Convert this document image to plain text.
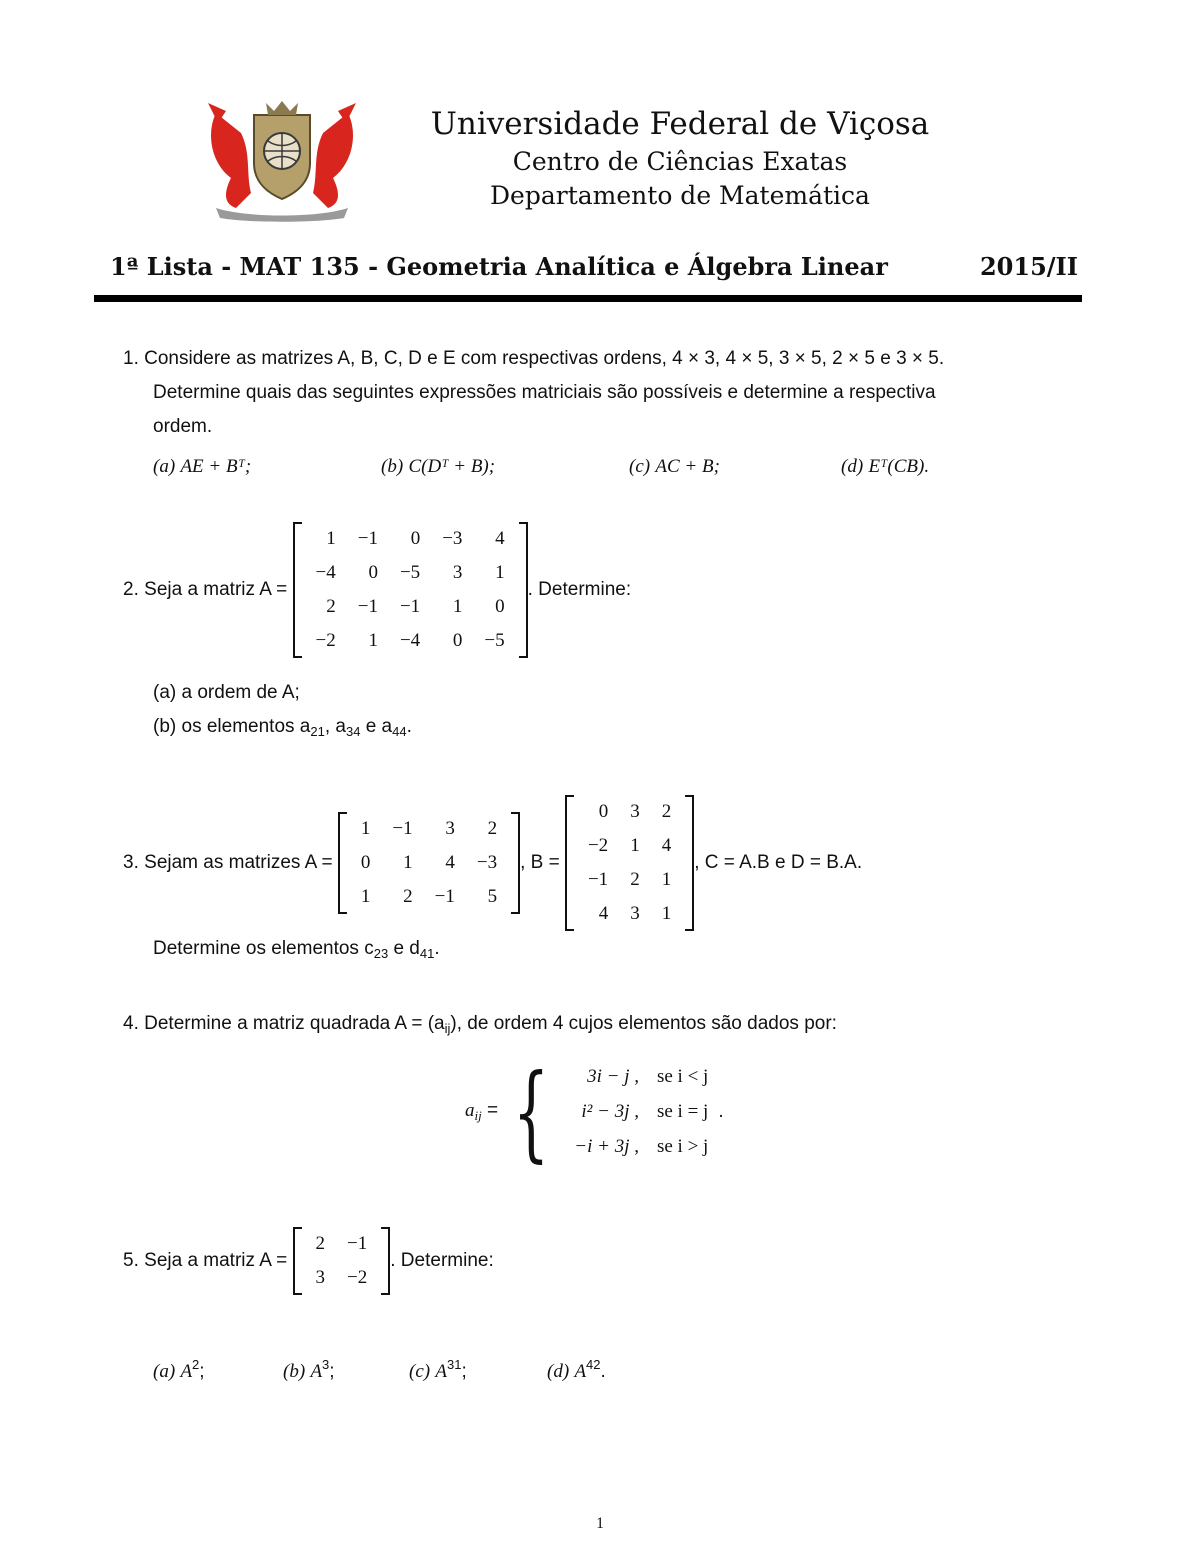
Universidade Federal de Viçosa
Centro de Ciências Exatas
Departamento de Matemática
1ª Lista - MAT 135 - Geometria Analítica e Álgebra Linear	2015/II
1. Considere as matrizes A, B, C, D e E com respectivas ordens, 4 × 3, 4 × 5, 3 × 5, 2 × 5 e 3 × 5.
Determine quais das seguintes expressões matriciais são possíveis e determine a respectiva
ordem.
(a) AE + Bᵀ;	(b) C(Dᵀ + B);	(c) AC + B;	(d) Eᵀ(CB).
2.
Seja a matriz A =

1	−1	0	−3	4
−4	0	−5	3	1
2	−1	−1	1	0
−2	1	−4	0	−5
. Determine:
(a) a ordem de A;
(b) os elementos $a_{21}$, $a_{34}$ e $a_{44}$.
3.
Sejam as matrizes A =

1	−1	3	2
0	1	4	−3
1	2	−1	5
, B =

0	3	2
−2	1	4
−1	2	1
4	3	1
, C = A.B e D = B.A.
Determine os elementos $c_{23}$ e $d_{41}$.
4. Determine a matriz quadrada $A = (a_{ij})$, de ordem 4 cujos elementos são dados por:
$a_{ij}$ = { 3i − j ,	se i < j
i² − 3j ,	se i = j
−i + 3j ,	se i > j
.
5.
Seja a matriz A =

2	−1
3	−2
. Determine:
(a) $A^2$;	(b) $A^3$;	(c) $A^{31}$;	(d) $A^{42}$.
1
